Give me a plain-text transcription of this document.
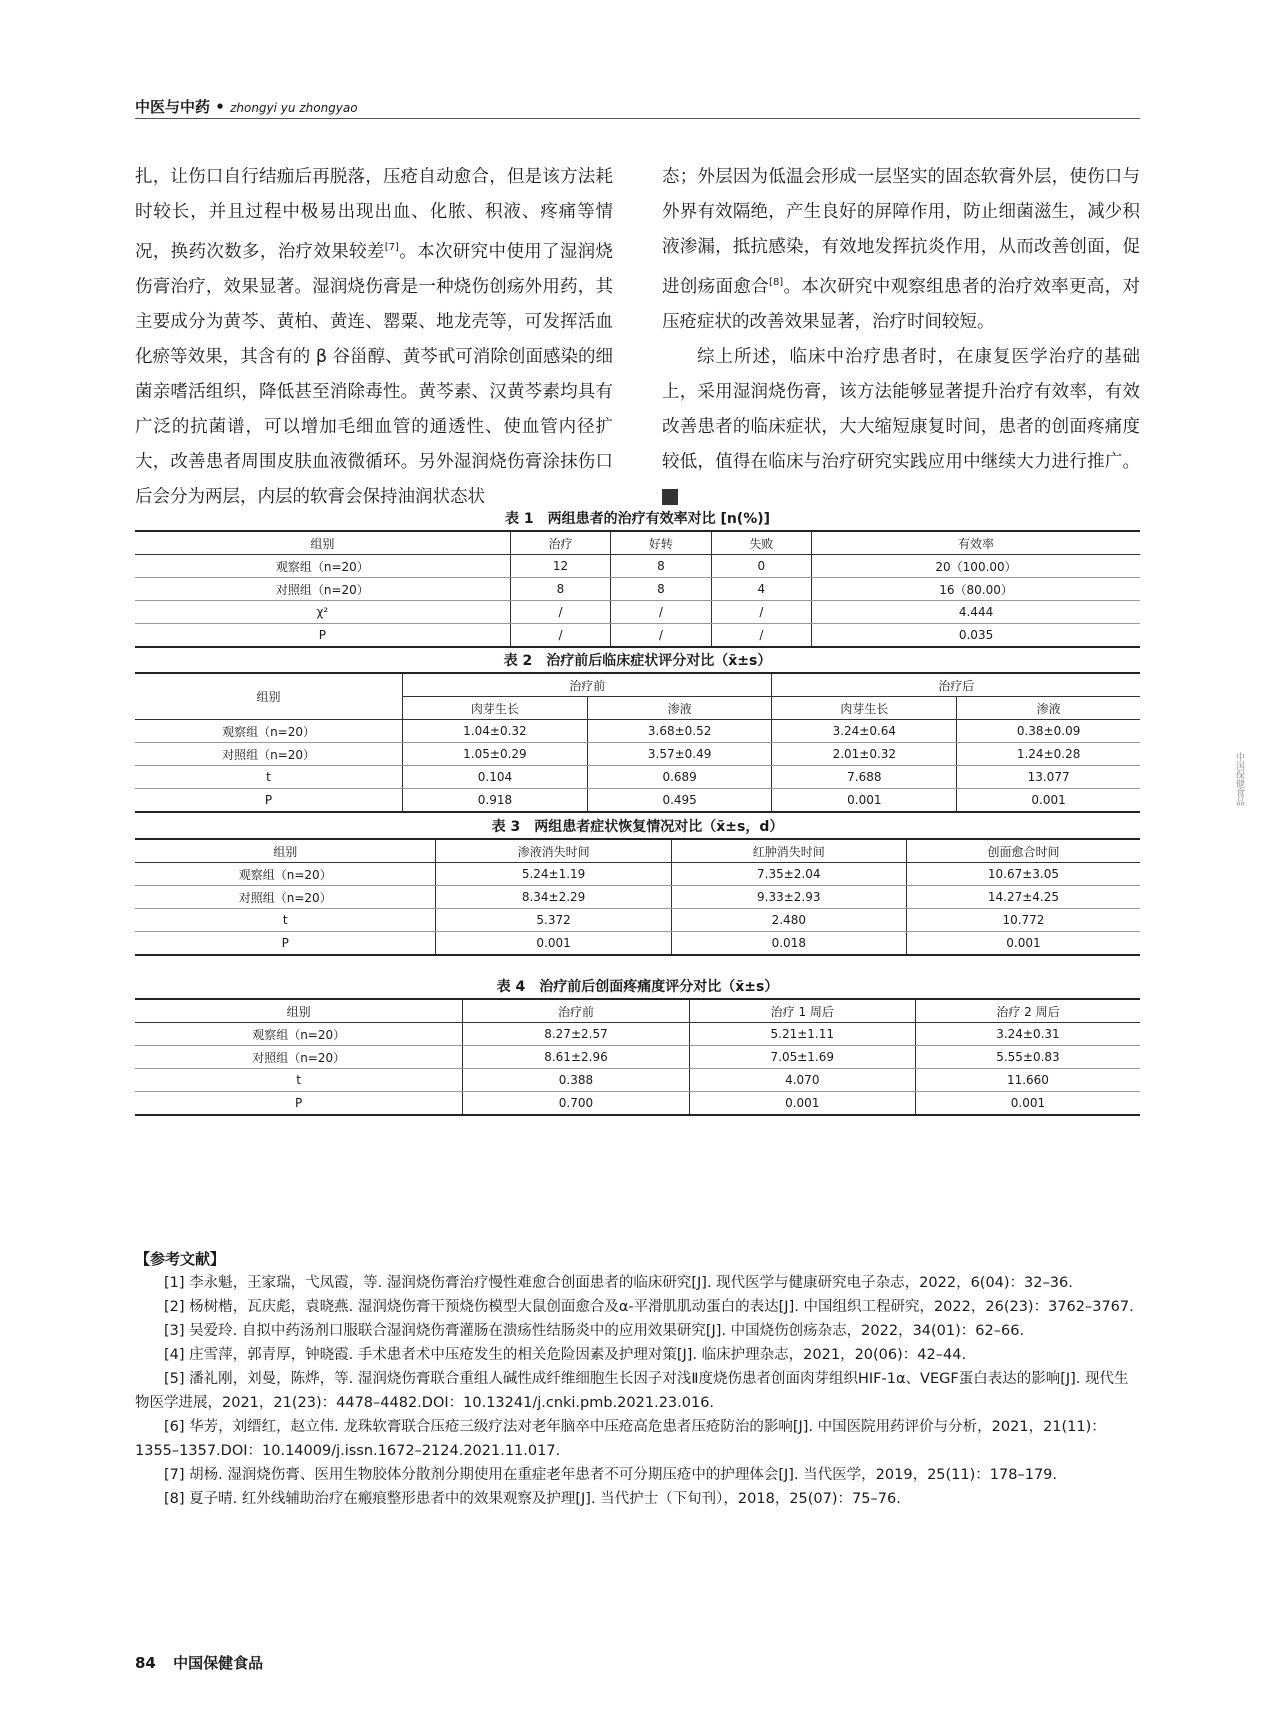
中医与中药 • zhongyi yu zhongyao

扎，让伤口自行结痂后再脱落，压疮自动愈合，但是该方法耗时较长，并且过程中极易出现出血、化脓、积液、疼痛等情况，换药次数多，治疗效果较差[7]。本次研究中使用了湿润烧伤膏治疗，效果显著。湿润烧伤膏是一种烧伤创疡外用药，其主要成分为黄芩、黄柏、黄连、罂粟、地龙壳等，可发挥活血化瘀等效果，其含有的 β 谷甾醇、黄芩甙可消除创面感染的细菌亲嗜活组织，降低甚至消除毒性。黄芩素、汉黄芩素均具有广泛的抗菌谱，可以增加毛细血管的通透性、使血管内径扩大，改善患者周围皮肤血液微循环。另外湿润烧伤膏涂抹伤口后会分为两层，内层的软膏会保持油润状态状

态；外层因为低温会形成一层坚实的固态软膏外层，使伤口与外界有效隔绝，产生良好的屏障作用，防止细菌滋生，减少积液渗漏，抵抗感染，有效地发挥抗炎作用，从而改善创面，促进创疡面愈合[8]。本次研究中观察组患者的治疗效率更高，对压疮症状的改善效果显著，治疗时间较短。

综上所述，临床中治疗患者时，在康复医学治疗的基础上，采用湿润烧伤膏，该方法能够显著提升治疗有效率，有效改善患者的临床症状，大大缩短康复时间，患者的创面疼痛度较低，值得在临床与治疗研究实践应用中继续大力进行推广。 Hc

表 1　两组患者的治疗有效率对比 [n(%)]
组别	治疗	好转	失败	有效率
观察组（n=20）	12	8	0	20（100.00）
对照组（n=20）	8	8	4	16（80.00）
χ²	/	/	/	4.444
P	/	/	/	0.035
表 2　治疗前后临床症状评分对比（x̄±s）
组别	治疗前		治疗后	
	肉芽生长	渗液	肉芽生长	渗液
观察组（n=20）	1.04±0.32	3.68±0.52	3.24±0.64	0.38±0.09
对照组（n=20）	1.05±0.29	3.57±0.49	2.01±0.32	1.24±0.28
t	0.104	0.689	7.688	13.077
P	0.918	0.495	0.001	0.001
表 3　两组患者症状恢复情况对比（x̄±s，d）
组别	渗液消失时间	红肿消失时间	创面愈合时间
观察组（n=20）	5.24±1.19	7.35±2.04	10.67±3.05
对照组（n=20）	8.34±2.29	9.33±2.93	14.27±4.25
t	5.372	2.480	10.772
P	0.001	0.018	0.001
表 4　治疗前后创面疼痛度评分对比（x̄±s）
组别	治疗前	治疗 1 周后	治疗 2 周后
观察组（n=20）	8.27±2.57	5.21±1.11	3.24±0.31
对照组（n=20）	8.61±2.96	7.05±1.69	5.55±0.83
t	0.388	4.070	11.660
P	0.700	0.001	0.001
【参考文献】

[1] 李永魁，王家瑞，弋凤霞，等. 湿润烧伤膏治疗慢性难愈合创面患者的临床研究[J]. 现代医学与健康研究电子杂志，2022，6(04)：32–36.

[2] 杨树楷，瓦庆彪，袁晓燕. 湿润烧伤膏干预烧伤模型大鼠创面愈合及α-平滑肌肌动蛋白的表达[J]. 中国组织工程研究，2022，26(23)：3762–3767.

[3] 吴爱玲. 自拟中药汤剂口服联合湿润烧伤膏灌肠在溃疡性结肠炎中的应用效果研究[J]. 中国烧伤创疡杂志，2022，34(01)：62–66.

[4] 庄雪萍，郭青厚，钟晓霞. 手术患者术中压疮发生的相关危险因素及护理对策[J]. 临床护理杂志，2021，20(06)：42–44.

[5] 潘礼刚，刘曼，陈烨，等. 湿润烧伤膏联合重组人碱性成纤维细胞生长因子对浅Ⅱ度烧伤患者创面肉芽组织HIF-1α、VEGF蛋白表达的影响[J]. 现代生物医学进展，2021，21(23)：4478–4482.DOI：10.13241/j.cnki.pmb.2021.23.016.

[6] 华芳，刘缙红，赵立伟. 龙珠软膏联合压疮三级疗法对老年脑卒中压疮高危患者压疮防治的影响[J]. 中国医院用药评价与分析，2021，21(11)：1355–1357.DOI：10.14009/j.issn.1672–2124.2021.11.017.

[7] 胡杨. 湿润烧伤膏、医用生物胶体分散剂分期使用在重症老年患者不可分期压疮中的护理体会[J]. 当代医学，2019，25(11)：178–179.

[8] 夏子晴. 红外线辅助治疗在瘢痕整形患者中的效果观察及护理[J]. 当代护士（下旬刊），2018，25(07)：75–76.

84 中国保健食品
中国保健食品
